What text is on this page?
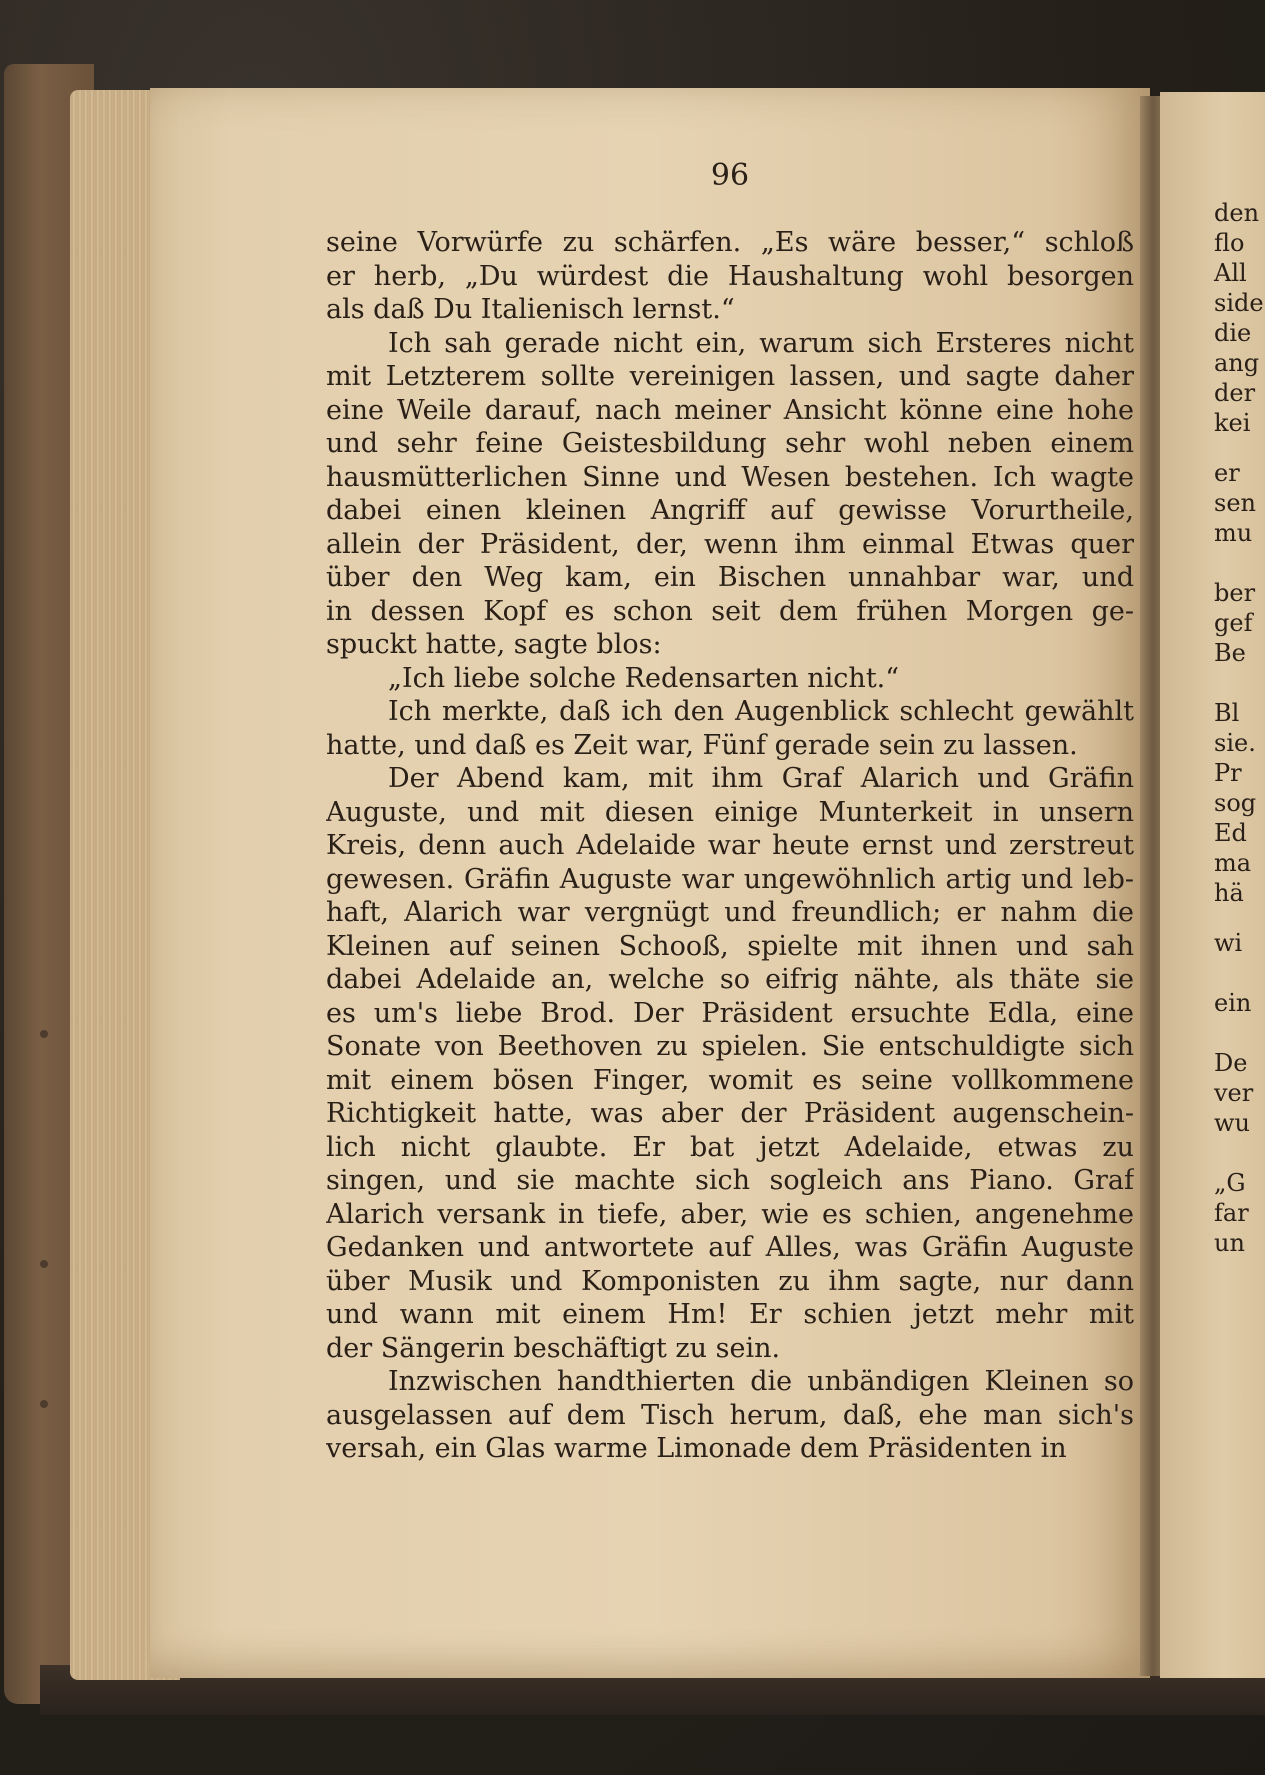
den
flo
All
side
die
ang
der
kei
er
sen
mu
ber
gef
Be
Bl
sie.
Pr
sog
Ed
ma
hä
wi
ein
De
ver
wu
„G
far
un
96
seine Vorwürfe zu schärfen. „Es wäre besser,“ schloß
er herb, „Du würdest die Haushaltung wohl besorgen
als daß Du Italienisch lernst.“
Ich sah gerade nicht ein, warum sich Ersteres nicht
mit Letzterem sollte vereinigen lassen, und sagte daher
eine Weile darauf, nach meiner Ansicht könne eine hohe
und sehr feine Geistesbildung sehr wohl neben einem
hausmütterlichen Sinne und Wesen bestehen. Ich wagte
dabei einen kleinen Angriff auf gewisse Vorurtheile,
allein der Präsident, der, wenn ihm einmal Etwas quer
über den Weg kam, ein Bischen unnahbar war, und
in dessen Kopf es schon seit dem frühen Morgen ge-
spuckt hatte, sagte blos:
„Ich liebe solche Redensarten nicht.“
Ich merkte, daß ich den Augenblick schlecht gewählt
hatte, und daß es Zeit war, Fünf gerade sein zu lassen.
Der Abend kam, mit ihm Graf Alarich und Gräfin
Auguste, und mit diesen einige Munterkeit in unsern
Kreis, denn auch Adelaide war heute ernst und zerstreut
gewesen. Gräfin Auguste war ungewöhnlich artig und leb-
haft, Alarich war vergnügt und freundlich; er nahm die
Kleinen auf seinen Schooß, spielte mit ihnen und sah
dabei Adelaide an, welche so eifrig nähte, als thäte sie
es um's liebe Brod. Der Präsident ersuchte Edla, eine
Sonate von Beethoven zu spielen. Sie entschuldigte sich
mit einem bösen Finger, womit es seine vollkommene
Richtigkeit hatte, was aber der Präsident augenschein-
lich nicht glaubte. Er bat jetzt Adelaide, etwas zu
singen, und sie machte sich sogleich ans Piano. Graf
Alarich versank in tiefe, aber, wie es schien, angenehme
Gedanken und antwortete auf Alles, was Gräfin Auguste
über Musik und Komponisten zu ihm sagte, nur dann
und wann mit einem Hm! Er schien jetzt mehr mit
der Sängerin beschäftigt zu sein.
Inzwischen handthierten die unbändigen Kleinen so
ausgelassen auf dem Tisch herum, daß, ehe man sich's
versah, ein Glas warme Limonade dem Präsidenten in
